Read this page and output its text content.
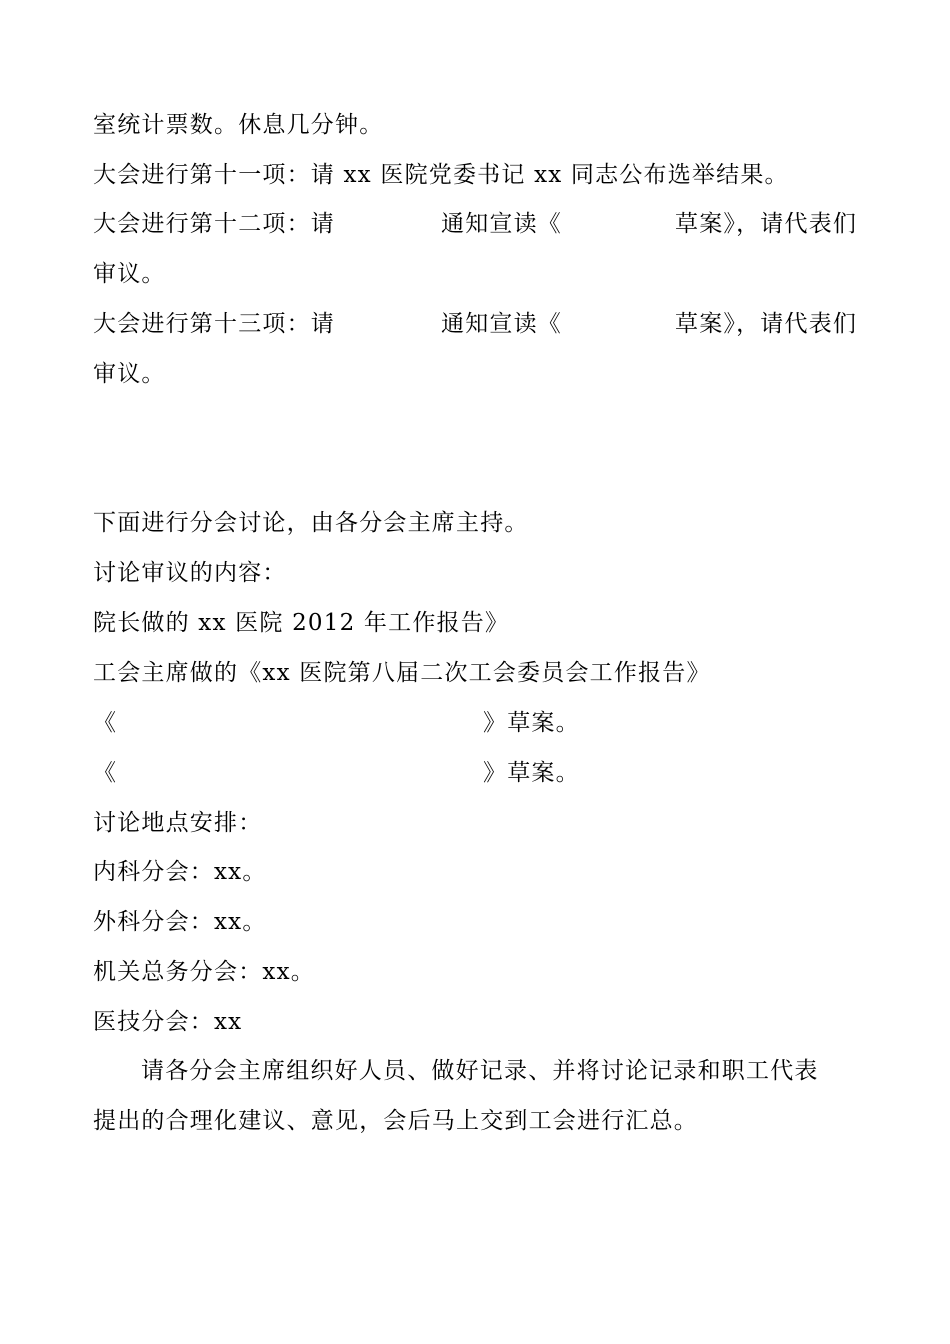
室统计票数。休息几分钟。
大会进行第十一项：请 xx 医院党委书记 xx 同志公布选举结果。
大会进行第十二项：请	通知宣读《	草案》，请代表们
审议。
大会进行第十三项：请	通知宣读《	草案》，请代表们
审议。
下面进行分会讨论，由各分会主席主持。
讨论审议的内容：
院长做的 xx 医院 2012 年工作报告》
工会主席做的《xx 医院第八届二次工会委员会工作报告》
《	》草案。
《	》草案。
讨论地点安排：
内科分会：xx。
外科分会：xx。
机关总务分会：xx。
医技分会：xx
请各分会主席组织好人员、做好记录、并将讨论记录和职工代表
提出的合理化建议、意见，会后马上交到工会进行汇总。
